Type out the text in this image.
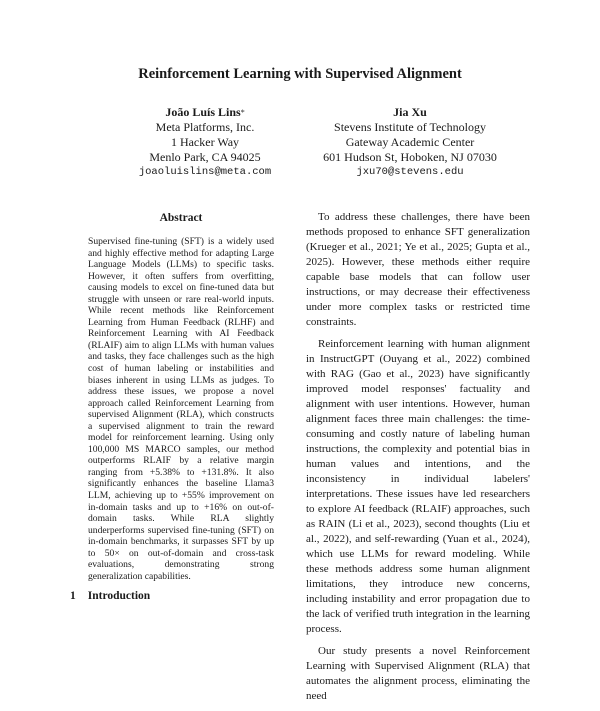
Reinforcement Learning with Supervised Alignment
João Luís Lins*
Meta Platforms, Inc.
1 Hacker Way
Menlo Park, CA 94025
joaoluislins@meta.com
Jia Xu
Stevens Institute of Technology
Gateway Academic Center
601 Hudson St, Hoboken, NJ 07030
jxu70@stevens.edu
Abstract

Supervised fine-tuning (SFT) is a widely used and highly effective method for adapting Large Language Models (LLMs) to specific tasks. However, it often suffers from overfitting, causing models to excel on fine-tuned data but struggle with unseen or rare real-world inputs. While recent methods like Reinforcement Learning from Human Feedback (RLHF) and Reinforcement Learning with AI Feedback (RLAIF) aim to align LLMs with human values and tasks, they face challenges such as the high cost of human labeling or instabilities and biases inherent in using LLMs as judges. To address these issues, we propose a novel approach called Reinforcement Learning from supervised Alignment (RLA), which constructs a supervised alignment to train the reward model for reinforcement learning. Using only 100,000 MS MARCO samples, our method outperforms RLAIF by a relative margin ranging from +5.38% to +131.8%. It also significantly enhances the baseline Llama3 LLM, achieving up to +55% improvement on in-domain tasks and up to +16% on out-of-domain tasks. While RLA slightly underperforms supervised fine-tuning (SFT) on in-domain benchmarks, it surpasses SFT by up to 50× on out-of-domain and cross-task evaluations, demonstrating strong generalization capabilities.

1 Introduction

To address these challenges, there have been methods proposed to enhance SFT generalization (Krueger et al., 2021; Ye et al., 2025; Gupta et al., 2025). However, these methods either require capable base models that can follow user instructions, or may decrease their effectiveness under more complex tasks or restricted time constraints.

Reinforcement learning with human alignment in InstructGPT (Ouyang et al., 2022) combined with RAG (Gao et al., 2023) have significantly improved model responses' factuality and alignment with user intentions. However, human alignment faces three main challenges: the time-consuming and costly nature of labeling human instructions, the complexity and potential bias in human values and intentions, and the inconsistency in individual labelers' interpretations. These issues have led researchers to explore AI feedback (RLAIF) approaches, such as RAIN (Li et al., 2023), second thoughts (Liu et al., 2022), and self-rewarding (Yuan et al., 2024), which use LLMs for reward modeling. While these methods address some human alignment limitations, they introduce new concerns, including instability and error propagation due to the lack of verified truth integration in the learning process.

Our study presents a novel Reinforcement Learning with Supervised Alignment (RLA) that automates the alignment process, eliminating the need
